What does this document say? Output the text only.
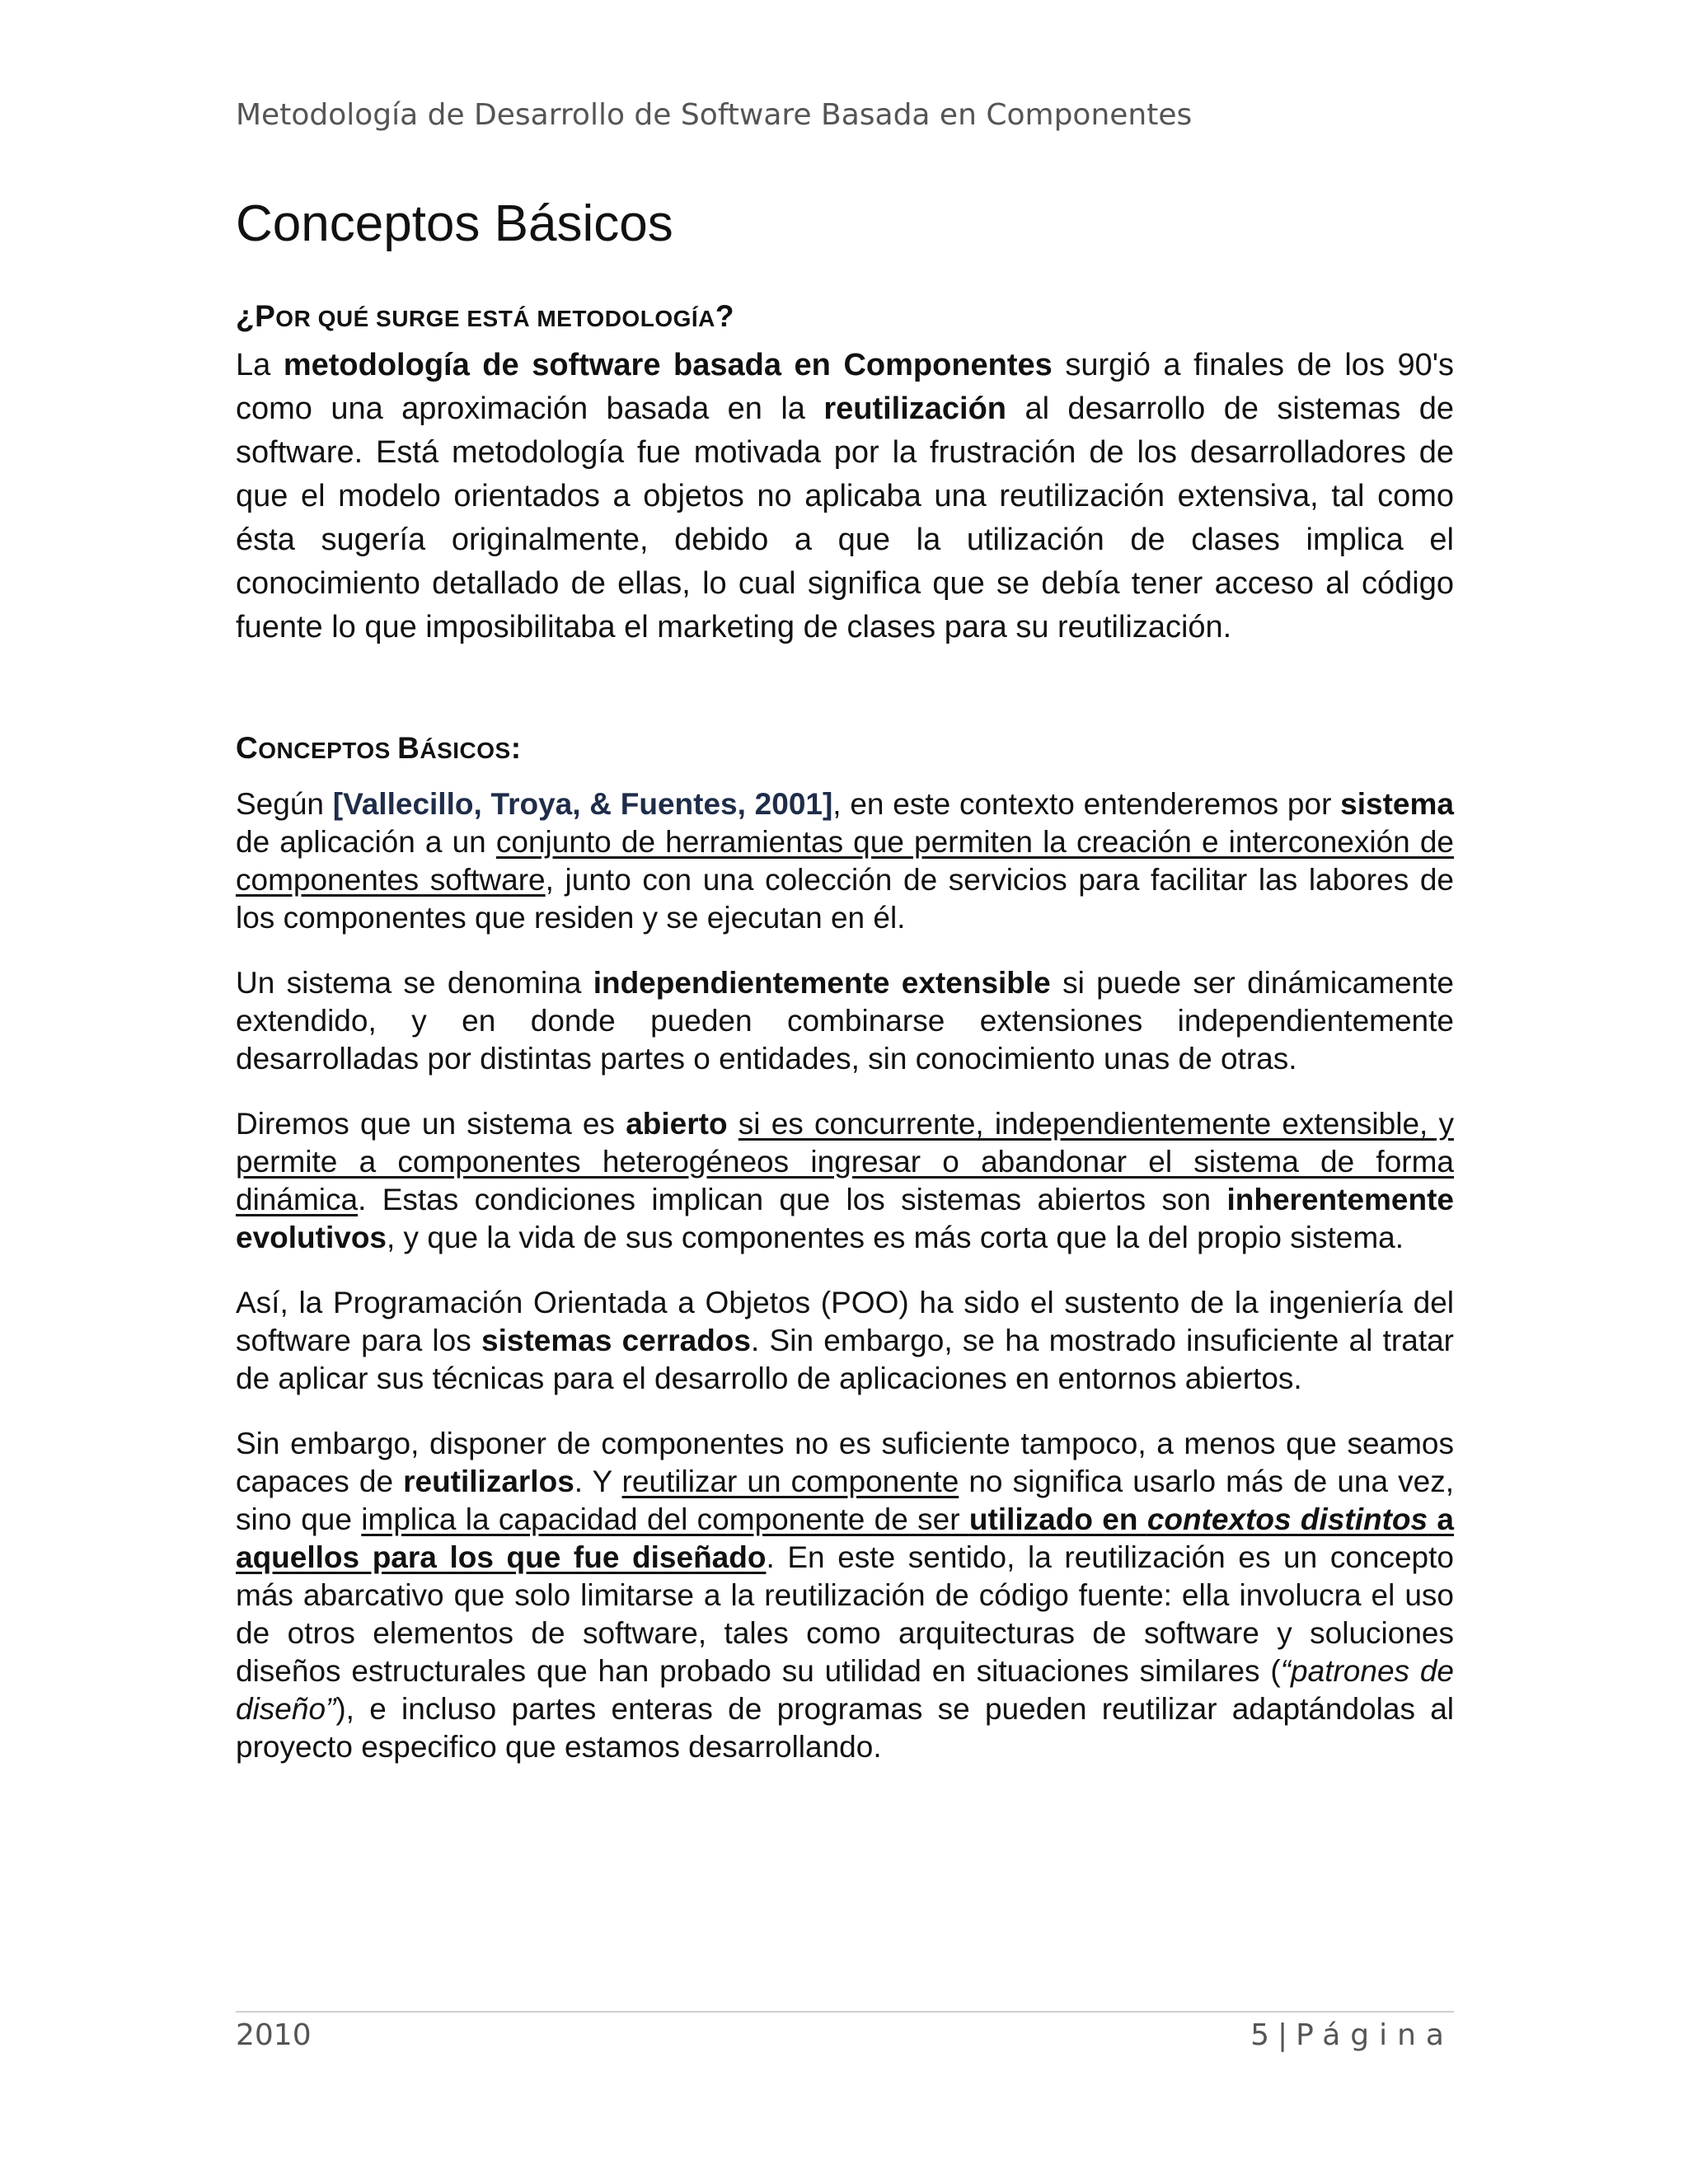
Metodología de Desarrollo de Software Basada en Componentes
Conceptos Básicos

¿POR QUÉ SURGE ESTÁ METODOLOGÍA?

La metodología de software basada en Componentes surgió a finales de los 90's como una aproximación basada en la reutilización al desarrollo de sistemas de software. Está metodología fue motivada por la frustración de los desarrolladores de que el modelo orientados a objetos no aplicaba una reutilización extensiva, tal como ésta sugería originalmente, debido a que la utilización de clases implica el conocimiento detallado de ellas, lo cual significa que se debía tener acceso al código fuente lo que imposibilitaba el marketing de clases para su reutilización.

CONCEPTOS BÁSICOS:

Según [Vallecillo, Troya, & Fuentes, 2001], en este contexto entenderemos por sistema de aplicación a un conjunto de herramientas que permiten la creación e interconexión de componentes software, junto con una colección de servicios para facilitar las labores de los componentes que residen y se ejecutan en él.

Un sistema se denomina independientemente extensible si puede ser dinámicamente extendido, y en donde pueden combinarse extensiones independientemente desarrolladas por distintas partes o entidades, sin conocimiento unas de otras.

Diremos que un sistema es abierto si es concurrente, independientemente extensible, y permite a componentes heterogéneos ingresar o abandonar el sistema de forma dinámica. Estas condiciones implican que los sistemas abiertos son inherentemente evolutivos, y que la vida de sus componentes es más corta que la del propio sistema.

Así, la Programación Orientada a Objetos (POO) ha sido el sustento de la ingeniería del software para los sistemas cerrados. Sin embargo, se ha mostrado insuficiente al tratar de aplicar sus técnicas para el desarrollo de aplicaciones en entornos abiertos.

Sin embargo, disponer de componentes no es suficiente tampoco, a menos que seamos capaces de reutilizarlos. Y reutilizar un componente no significa usarlo más de una vez, sino que implica la capacidad del componente de ser utilizado en contextos distintos a aquellos para los que fue diseñado. En este sentido, la reutilización es un concepto más abarcativo que solo limitarse a la reutilización de código fuente: ella involucra el uso de otros elementos de software, tales como arquitecturas de software y soluciones diseños estructurales que han probado su utilidad en situaciones similares (“patrones de diseño”), e incluso partes enteras de programas se pueden reutilizar adaptándolas al proyecto especifico que estamos desarrollando.

2010	5 | Página
